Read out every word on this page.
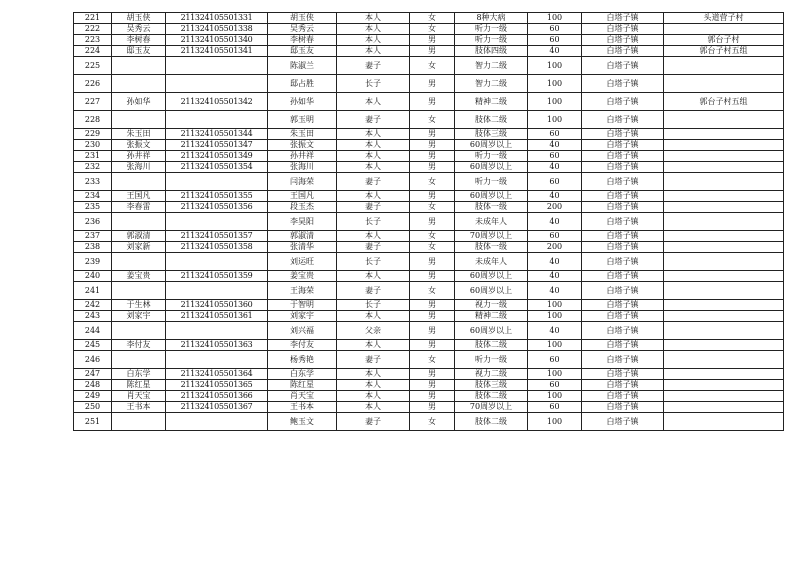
221	胡玉侠	211324105501331	胡玉侠	本人	女	8种大病	100	白塔子镇	头道营子村
222	吴秀云	211324105501338	吴秀云	本人	女	听力一级	60	白塔子镇	
223	李树春	211324105501340	李树春	本人	男	听力一级	60	白塔子镇	郭台子村
224	邸玉友	211324105501341	邸玉友	本人	男	肢体四级	40	白塔子镇	郭台子村五组
225			陈淑兰	妻子	女	智力二级	100	白塔子镇	
226			邸占胜	长子	男	智力二级	100	白塔子镇	
227	孙如华	211324105501342	孙如华	本人	男	精神二级	100	白塔子镇	郭台子村五组
228			郭玉明	妻子	女	肢体二级	100	白塔子镇	
229	朱玉田	211324105501344	朱玉田	本人	男	肢体三级	60	白塔子镇	
230	张振文	211324105501347	张振文	本人	男	60周岁以上	40	白塔子镇	
231	孙井祥	211324105501349	孙井祥	本人	男	听力一级	60	白塔子镇	
232	张海川	211324105501354	张海川	本人	男	60周岁以上	40	白塔子镇	
233			闫海荣	妻子	女	听力一级	60	白塔子镇	
234	王国凡	211324105501355	王国凡	本人	男	60周岁以上	40	白塔子镇	
235	李春雷	211324105501356	段玉杰	妻子	女	肢体一级	200	白塔子镇	
236			李昊阳	长子	男	未成年人	40	白塔子镇	
237	郭淑清	211324105501357	郭淑清	本人	女	70周岁以上	60	白塔子镇	
238	刘家新	211324105501358	张清华	妻子	女	肢体一级	200	白塔子镇	
239			刘运旺	长子	男	未成年人	40	白塔子镇	
240	姜宝贵	211324105501359	姜宝贵	本人	男	60周岁以上	40	白塔子镇	
241			王海荣	妻子	女	60周岁以上	40	白塔子镇	
242	于生林	211324105501360	于智明	长子	男	视力一级	100	白塔子镇	
243	刘家宇	211324105501361	刘家宇	本人	男	精神二级	100	白塔子镇	
244			刘兴福	父亲	男	60周岁以上	40	白塔子镇	
245	李付友	211324105501363	李付友	本人	男	肢体二级	100	白塔子镇	
246			杨秀艳	妻子	女	听力一级	60	白塔子镇	
247	白东学	211324105501364	白东学	本人	男	视力二级	100	白塔子镇	
248	陈红星	211324105501365	陈红星	本人	男	肢体三级	60	白塔子镇	
249	肖天宝	211324105501366	肖天宝	本人	男	肢体二级	100	白塔子镇	
250	王书本	211324105501367	王书本	本人	男	70周岁以上	60	白塔子镇	
251			鲍玉文	妻子	女	肢体二级	100	白塔子镇	
